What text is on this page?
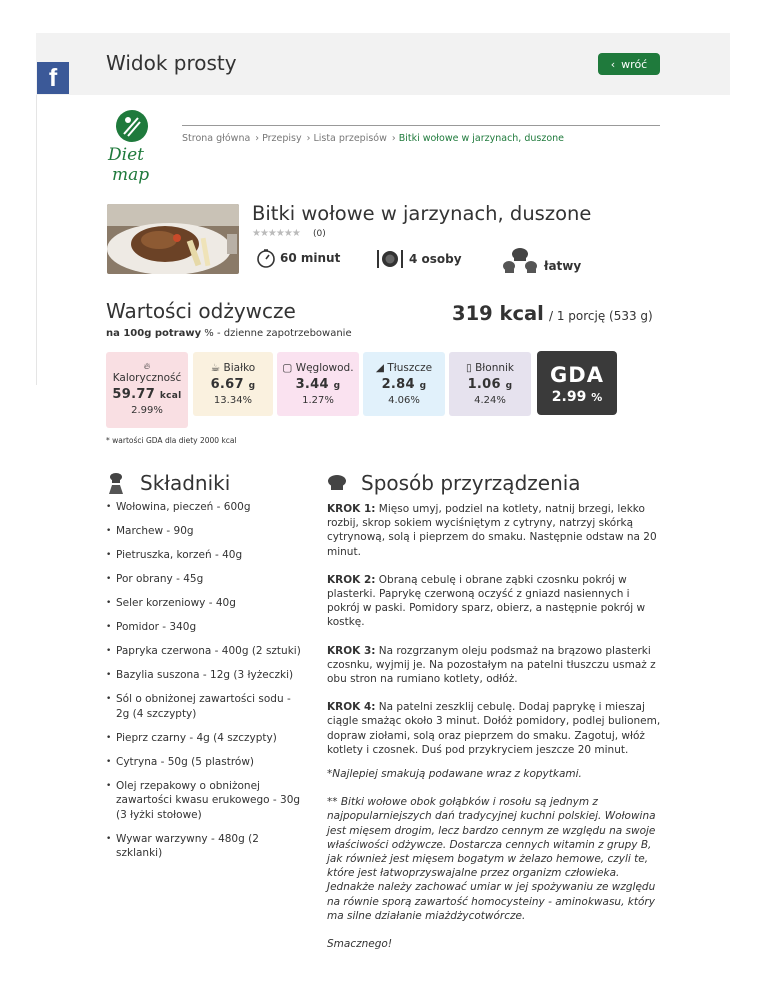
Widok prosty	‹ wróć
f
Diet
map
Strona główna › Przepisy › Lista przepisów › Bitki wołowe w jarzynach, duszone
Bitki wołowe w jarzynach, duszone
★★★★★★ (0)
60 minut	4 osoby	łatwy
Wartości odżywcze	319 kcal / 1 porcję (533 g)
na 100g potrawy % - dzienne zapotrzebowanie
🔥︎
Kaloryczność
59.77 kcal
2.99%
☕︎ Białko
6.67 g
13.34%
▢ Węglowod.
3.44 g
1.27%
◢ Tłuszcze
2.84 g
4.06%
▯ Błonnik
1.06 g
4.24%
GDA
2.99 %
* wartości GDA dla diety 2000 kcal
Składniki	Sposób przyrządzenia
• Wołowina, pieczeń - 600g
• Marchew - 90g
• Pietruszka, korzeń - 40g
• Por obrany - 45g
• Seler korzeniowy - 40g
• Pomidor - 340g
• Papryka czerwona - 400g (2 sztuki)
• Bazylia suszona - 12g (3 łyżeczki)
• Sól o obniżonej zawartości sodu - 2g (4 szczypty)
• Pieprz czarny - 4g (4 szczypty)
• Cytryna - 50g (5 plastrów)
• Olej rzepakowy o obniżonej zawartości kwasu erukowego - 30g (3 łyżki stołowe)
• Wywar warzywny - 480g (2 szklanki)

KROK 1: Mięso umyj, podziel na kotlety, natnij brzegi, lekko rozbij, skrop sokiem wyciśniętym z cytryny, natrzyj skórką cytrynową, solą i pieprzem do smaku. Następnie odstaw na 20 minut.

KROK 2: Obraną cebulę i obrane ząbki czosnku pokrój w plasterki. Paprykę czerwoną oczyść z gniazd nasiennych i pokrój w paski. Pomidory sparz, obierz, a następnie pokrój w kostkę.

KROK 3: Na rozgrzanym oleju podsmaż na brązowo plasterki czosnku, wyjmij je. Na pozostałym na patelni tłuszczu usmaż z obu stron na rumiano kotlety, odłóż.

KROK 4: Na patelni zeszklij cebulę. Dodaj paprykę i mieszaj ciągle smażąc około 3 minut. Dołóż pomidory, podlej bulionem, dopraw ziołami, solą oraz pieprzem do smaku. Zagotuj, włóż kotlety i czosnek. Duś pod przykryciem jeszcze 20 minut.

*Najlepiej smakują podawane wraz z kopytkami.

** Bitki wołowe obok gołąbków i rosołu są jednym z najpopularniejszych dań tradycyjnej kuchni polskiej. Wołowina jest mięsem drogim, lecz bardzo cennym ze względu na swoje właściwości odżywcze. Dostarcza cennych witamin z grupy B, jak również jest mięsem bogatym w żelazo hemowe, czyli te, które jest łatwoprzyswajalne przez organizm człowieka. Jednakże należy zachować umiar w jej spożywaniu ze względu na równie sporą zawartość homocysteiny - aminokwasu, który ma silne działanie miażdżycotwórcze.

Smacznego!
